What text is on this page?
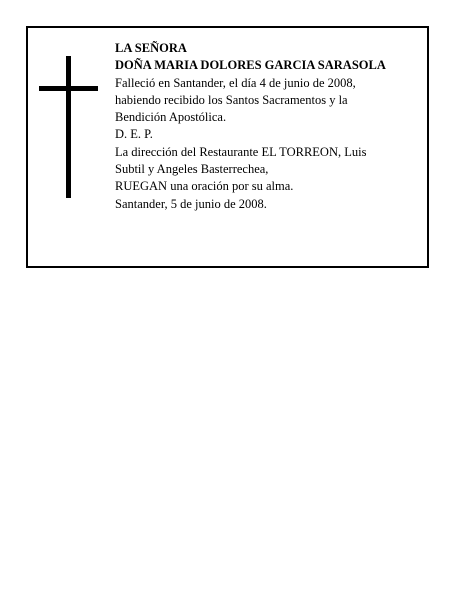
LA SEÑORA
DOÑA MARIA DOLORES GARCIA SARASOLA
Falleció en Santander, el día 4 de junio de 2008,
habiendo recibido los Santos Sacramentos y la
Bendición Apostólica.
D. E. P.
La dirección del Restaurante EL TORREON, Luis
Subtil y Angeles Basterrechea,
RUEGAN una oración por su alma.
Santander, 5 de junio de 2008.
